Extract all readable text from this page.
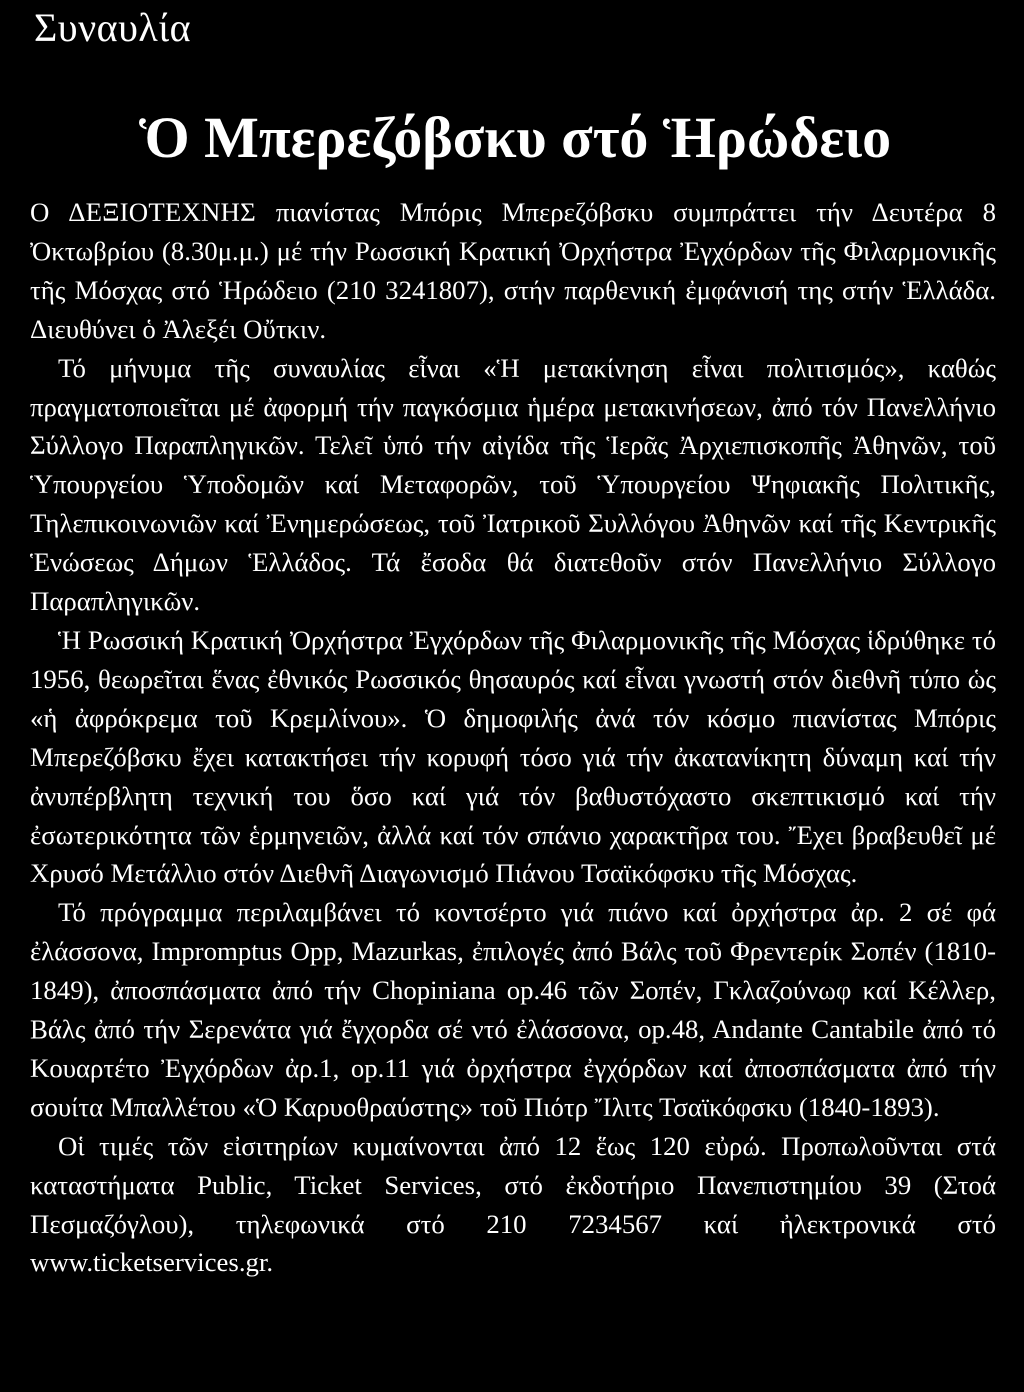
Συναυλία
Ὁ Μπερεζόβσκυ στό Ἡρώδειο

Ο ΔΕΞΙΟΤΕΧΝΗΣ πιανίστας Μπόρις Μπερεζόβσκυ συμπράττει τήν Δευτέρα 8 Ὀκτωβρίου (8.30μ.μ.) μέ τήν Ρωσσική Κρατική Ὀρχήστρα Ἐγχόρδων τῆς Φιλαρμονικῆς τῆς Μόσχας στό Ἡρώδειο (210 3241807), στήν παρθενική ἐμφάνισή της στήν Ἑλλάδα. Διευθύνει ὁ Ἀλεξέι Οὔτκιν.

Τό μήνυμα τῆς συναυλίας εἶναι «Ἡ μετακίνηση εἶναι πολιτισμός», καθώς πραγματοποιεῖται μέ ἀφορμή τήν παγκόσμια ἡμέρα μετακινήσεων, ἀπό τόν Πανελλήνιο Σύλλογο Παραπληγικῶν. Τελεῖ ὑπό τήν αἰγίδα τῆς Ἱερᾶς Ἀρχιεπισκοπῆς Ἀθηνῶν, τοῦ Ὑπουργείου Ὑποδομῶν καί Μεταφορῶν, τοῦ Ὑπουργείου Ψηφιακῆς Πολιτικῆς, Τηλεπικοινωνιῶν καί Ἐνημερώσεως, τοῦ Ἰατρικοῦ Συλλόγου Ἀθηνῶν καί τῆς Κεντρικῆς Ἑνώσεως Δήμων Ἑλλάδος. Τά ἔσοδα θά διατεθοῦν στόν Πανελλήνιο Σύλλογο Παραπληγικῶν.

Ἡ Ρωσσική Κρατική Ὀρχήστρα Ἐγχόρδων τῆς Φιλαρμονικῆς τῆς Μόσχας ἱδρύθηκε τό 1956, θεωρεῖται ἕνας ἐθνικός Ρωσσικός θησαυρός καί εἶναι γνωστή στόν διεθνῆ τύπο ὡς «ἡ ἀφρόκρεμα τοῦ Κρεμλίνου». Ὁ δημοφιλής ἀνά τόν κόσμο πιανίστας Μπόρις Μπερεζόβσκυ ἔχει κατακτήσει τήν κορυφή τόσο γιά τήν ἀκατανίκητη δύναμη καί τήν ἀνυπέρβλητη τεχνική του ὅσο καί γιά τόν βαθυστόχαστο σκεπτικισμό καί τήν ἐσωτερικότητα τῶν ἑρμηνειῶν, ἀλλά καί τόν σπάνιο χαρακτῆρα του. Ἔχει βραβευθεῖ μέ Χρυσό Μετάλλιο στόν Διεθνῆ Διαγωνισμό Πιάνου Τσαϊκόφσκυ τῆς Μόσχας.

Τό πρόγραμμα περιλαμβάνει τό κοντσέρτο γιά πιάνο καί ὀρχήστρα ἀρ. 2 σέ φά ἐλάσσονα, Impromptus Opp, Mazurkas, ἐπιλογές ἀπό Βάλς τοῦ Φρεντερίκ Σοπέν (1810-1849), ἀποσπάσματα ἀπό τήν Chopiniana op.46 τῶν Σοπέν, Γκλαζούνωφ καί Κέλλερ, Βάλς ἀπό τήν Σερενάτα γιά ἔγχορδα σέ ντό ἐλάσσονα, op.48, Andante Cantabile ἀπό τό Κουαρτέτο Ἐγχόρδων ἀρ.1, op.11 γιά ὀρχήστρα ἐγχόρδων καί ἀποσπάσματα ἀπό τήν σουίτα Μπαλλέτου «Ὁ Καρυοθραύστης» τοῦ Πιότρ Ἴλιτς Τσαϊκόφσκυ (1840-1893).

Οἱ τιμές τῶν εἰσιτηρίων κυμαίνονται ἀπό 12 ἕως 120 εὐρώ. Προπωλοῦνται στά καταστήματα Public, Ticket Services, στό ἐκδοτήριο Πανεπιστημίου 39 (Στοά Πεσμαζόγλου), τηλεφωνικά στό 210 7234567 καί ἠλεκτρονικά στό www.ticketservices.gr.
